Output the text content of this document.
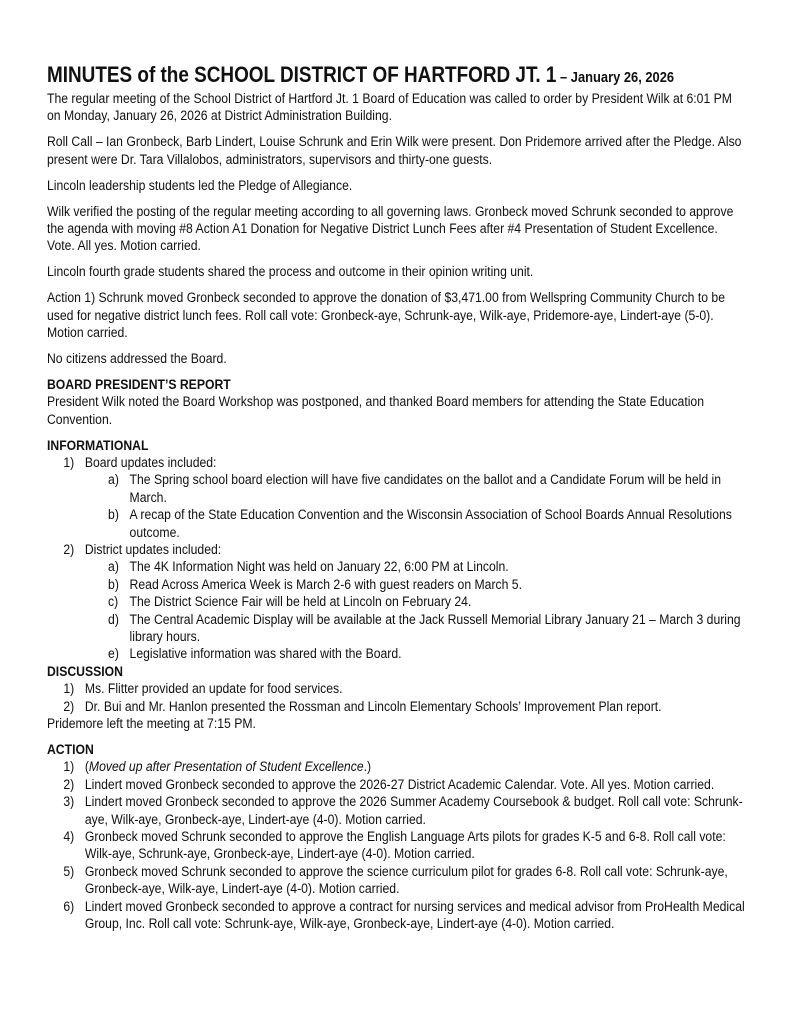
MINUTES of the SCHOOL DISTRICT OF HARTFORD JT. 1 – January 26, 2026

The regular meeting of the School District of Hartford Jt. 1 Board of Education was called to order by President Wilk at 6:01 PM on Monday, January 26, 2026 at District Administration Building.

Roll Call – Ian Gronbeck, Barb Lindert, Louise Schrunk and Erin Wilk were present. Don Pridemore arrived after the Pledge. Also present were Dr. Tara Villalobos, administrators, supervisors and thirty-one guests.

Lincoln leadership students led the Pledge of Allegiance.

Wilk verified the posting of the regular meeting according to all governing laws. Gronbeck moved Schrunk seconded to approve the agenda with moving #8 Action A1 Donation for Negative District Lunch Fees after #4 Presentation of Student Excellence. Vote. All yes. Motion carried.

Lincoln fourth grade students shared the process and outcome in their opinion writing unit.

Action 1) Schrunk moved Gronbeck seconded to approve the donation of $3,471.00 from Wellspring Community Church to be used for negative district lunch fees. Roll call vote: Gronbeck-aye, Schrunk-aye, Wilk-aye, Pridemore-aye, Lindert-aye (5-0). Motion carried.

No citizens addressed the Board.

BOARD PRESIDENT’S REPORT

President Wilk noted the Board Workshop was postponed, and thanked Board members for attending the State Education Convention.

INFORMATIONAL
1) Board updates included:
a) The Spring school board election will have five candidates on the ballot and a Candidate Forum will be held in March.
b) A recap of the State Education Convention and the Wisconsin Association of School Boards Annual Resolutions outcome.
2) District updates included:
a) The 4K Information Night was held on January 22, 6:00 PM at Lincoln.
b) Read Across America Week is March 2-6 with guest readers on March 5.
c) The District Science Fair will be held at Lincoln on February 24.
d) The Central Academic Display will be available at the Jack Russell Memorial Library January 21 – March 3 during library hours.
e) Legislative information was shared with the Board.
DISCUSSION
1) Ms. Flitter provided an update for food services.
2) Dr. Bui and Mr. Hanlon presented the Rossman and Lincoln Elementary Schools’ Improvement Plan report.

Pridemore left the meeting at 7:15 PM.

ACTION
1) (Moved up after Presentation of Student Excellence.)
2) Lindert moved Gronbeck seconded to approve the 2026-27 District Academic Calendar. Vote. All yes. Motion carried.
3) Lindert moved Gronbeck seconded to approve the 2026 Summer Academy Coursebook & budget. Roll call vote: Schrunk-aye, Wilk-aye, Gronbeck-aye, Lindert-aye (4-0). Motion carried.
4) Gronbeck moved Schrunk seconded to approve the English Language Arts pilots for grades K-5 and 6-8. Roll call vote: Wilk-aye, Schrunk-aye, Gronbeck-aye, Lindert-aye (4-0). Motion carried.
5) Gronbeck moved Schrunk seconded to approve the science curriculum pilot for grades 6-8. Roll call vote: Schrunk-aye, Gronbeck-aye, Wilk-aye, Lindert-aye (4-0). Motion carried.
6) Lindert moved Gronbeck seconded to approve a contract for nursing services and medical advisor from ProHealth Medical Group, Inc. Roll call vote: Schrunk-aye, Wilk-aye, Gronbeck-aye, Lindert-aye (4-0). Motion carried.
